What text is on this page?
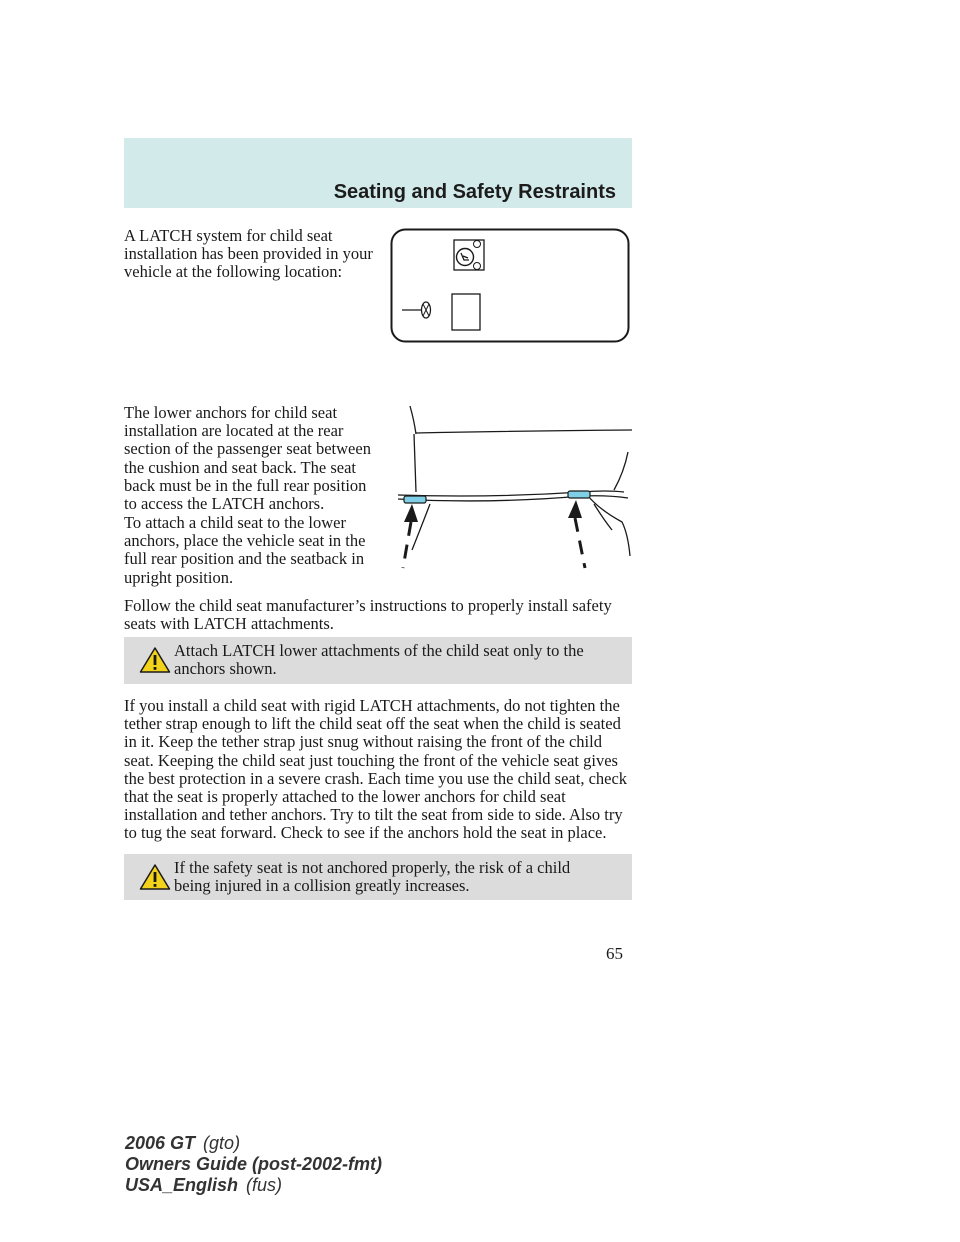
Seating and Safety Restraints

A LATCH system for child seat installation has been provided in your vehicle at the following location:

The lower anchors for child seat installation are located at the rear section of the passenger seat between the cushion and seat back. The seat back must be in the full rear position to access the LATCH anchors.

To attach a child seat to the lower anchors, place the vehicle seat in the full rear position and the seatback in upright position.

Follow the child seat manufacturer’s instructions to properly install safety seats with LATCH attachments.

Attach LATCH lower attachments of the child seat only to the anchors shown.

If you install a child seat with rigid LATCH attachments, do not tighten the tether strap enough to lift the child seat off the seat when the child is seated in it. Keep the tether strap just snug without raising the front of the child seat. Keeping the child seat just touching the front of the vehicle seat gives the best protection in a severe crash. Each time you use the child seat, check that the seat is properly attached to the lower anchors for child seat installation and tether anchors. Try to tilt the seat from side to side. Also try to tug the seat forward. Check to see if the anchors hold the seat in place.

If the safety seat is not anchored properly, the risk of a child being injured in a collision greatly increases.

65

2006 GT (gto)

Owners Guide (post-2002-fmt)

USA_English (fus)
